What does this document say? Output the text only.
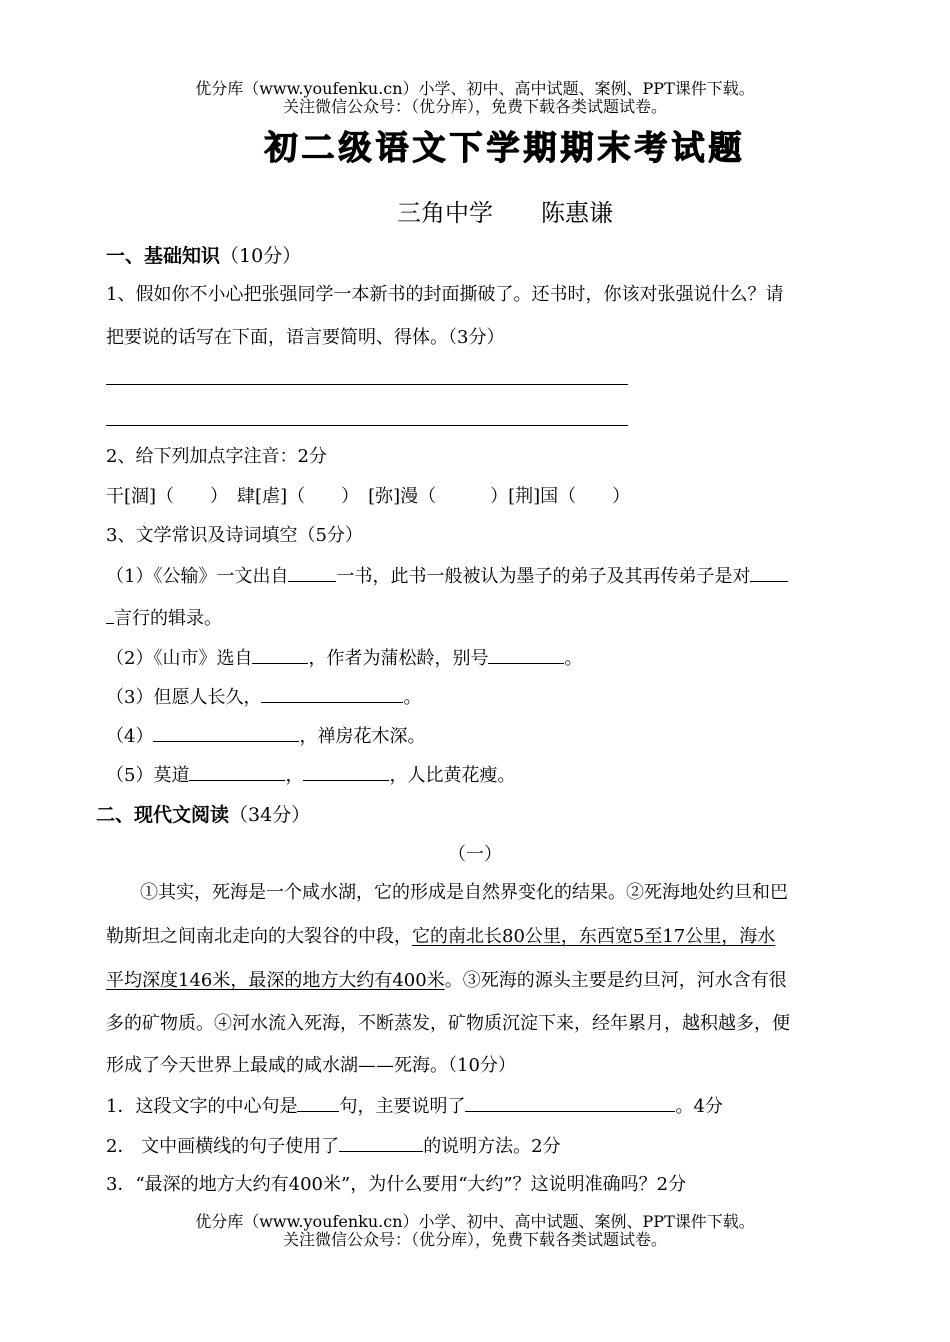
优分库（www.youfenku.cn）小学、初中、高中试题、案例、PPT课件下载。
关注微信公众号：（优分库），免费下载各类试题试卷。
初二级语文下学期期末考试题
三角中学　　陈惠谦
一、基础知识（10分）
1、假如你不小心把张强同学一本新书的封面撕破了。还书时，你该对张强说什么？请
把要说的话写在下面，语言要简明、得体。（3分）
2、给下列加点字注音：2分
干[涸]（　　）　肆[虐]（　　）　[弥]漫（　　　）[荆]国（　　）
3、文学常识及诗词填空（5分）
（1）《公输》一文出自	一书，此书一般被认为墨子的弟子及其再传弟子是对
言行的辑录。
（2）《山市》选自	，作者为蒲松龄，别号	。
（3）但愿人长久，	。
（4）	，禅房花木深。
（5）莫道	，	，人比黄花瘦。
二、现代文阅读（34分）
（一）
①其实，死海是一个咸水湖，它的形成是自然界变化的结果。②死海地处约旦和巴
勒斯坦之间南北走向的大裂谷的中段，它的南北长80公里，东西宽5至17公里，海水
平均深度146米，最深的地方大约有400米。③死海的源头主要是约旦河，河水含有很
多的矿物质。④河水流入死海，不断蒸发，矿物质沉淀下来，经年累月，越积越多，便
形成了今天世界上最咸的咸水湖——死海。（10分）
1．这段文字的中心句是 句，主要说明了	。4分
2． 文中画横线的句子使用了	的说明方法。2分
3．“最深的地方大约有400米”，为什么要用“大约”？这说明准确吗？2分
优分库（www.youfenku.cn）小学、初中、高中试题、案例、PPT课件下载。
关注微信公众号：（优分库），免费下载各类试题试卷。
